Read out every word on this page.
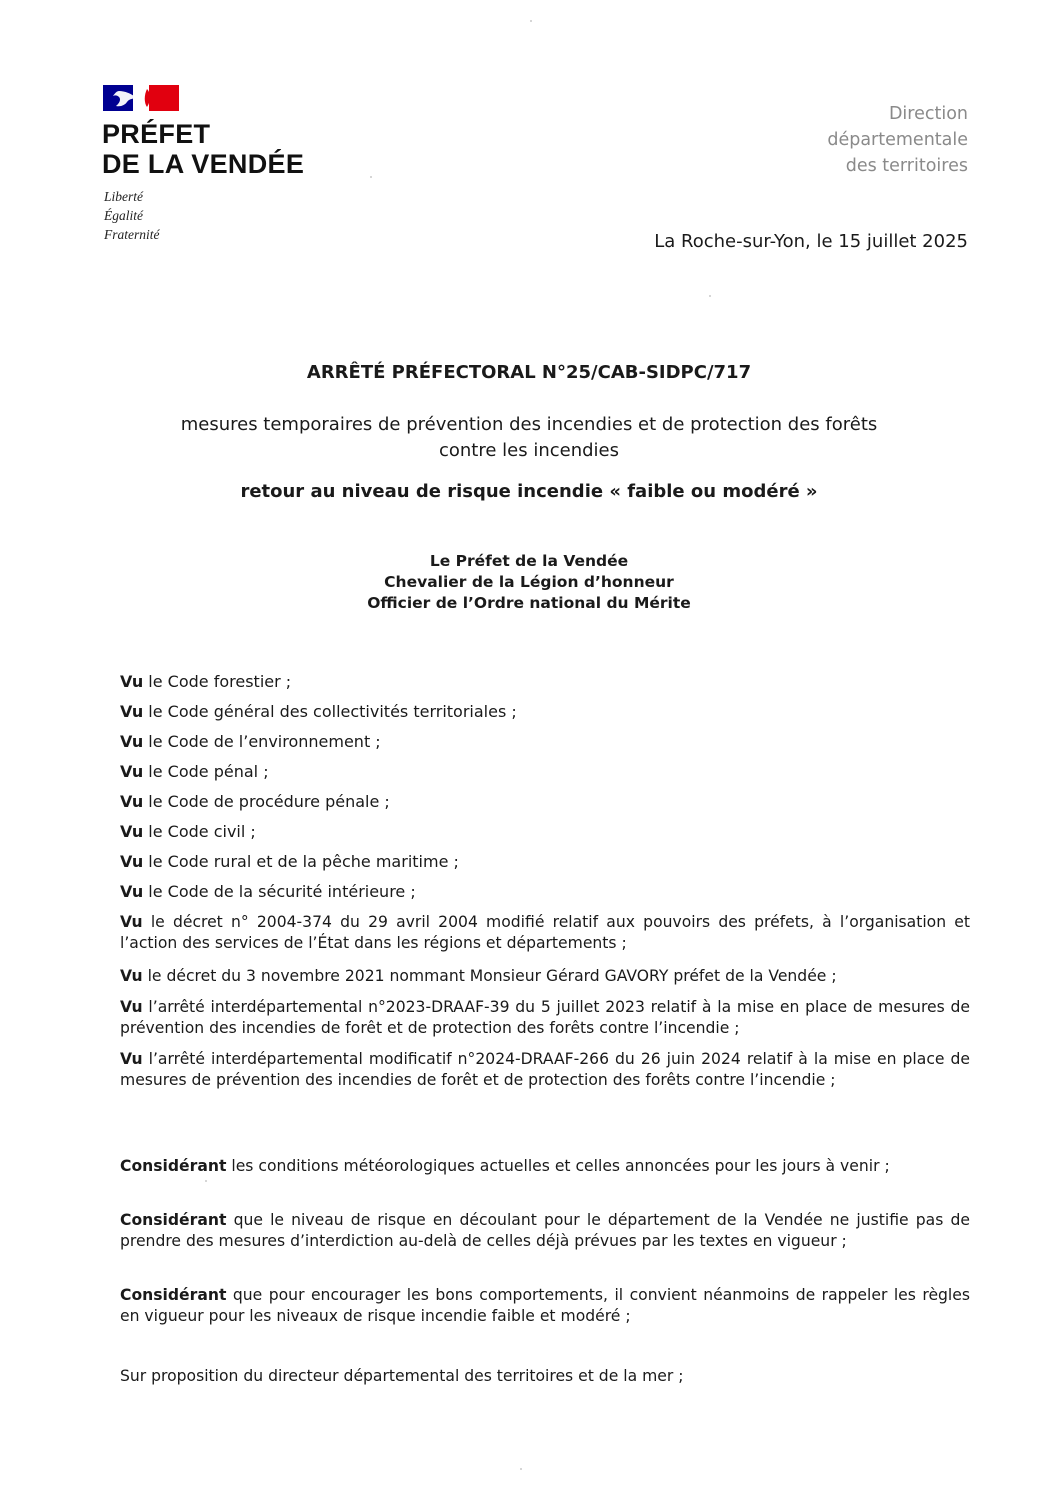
PRÉFET
DE LA VENDÉE
Liberté
Égalité
Fraternité
Direction
départementale
des territoires
La Roche-sur-Yon, le 15 juillet 2025
ARRÊTÉ PRÉFECTORAL N°25/CAB-SIDPC/717
mesures temporaires de prévention des incendies et de protection des forêts
contre les incendies
retour au niveau de risque incendie « faible ou modéré »
Le Préfet de la Vendée
Chevalier de la Légion d’honneur
Officier de l’Ordre national du Mérite
Vu le Code forestier ;
Vu le Code général des collectivités territoriales ;
Vu le Code de l’environnement ;
Vu le Code pénal ;
Vu le Code de procédure pénale ;
Vu le Code civil ;
Vu le Code rural et de la pêche maritime ;
Vu le Code de la sécurité intérieure ;
Vu le décret n° 2004-374 du 29 avril 2004 modifié relatif aux pouvoirs des préfets, à l’organisation et l’action des services de l’État dans les régions et départements ;
Vu le décret du 3 novembre 2021 nommant Monsieur Gérard GAVORY préfet de la Vendée ;
Vu l’arrêté interdépartemental n°2023-DRAAF-39 du 5 juillet 2023 relatif à la mise en place de mesures de prévention des incendies de forêt et de protection des forêts contre l’incendie ;
Vu l’arrêté interdépartemental modificatif n°2024-DRAAF-266 du 26 juin 2024 relatif à la mise en place de mesures de prévention des incendies de forêt et de protection des forêts contre l’incendie ;
Considérant les conditions météorologiques actuelles et celles annoncées pour les jours à venir ;
Considérant que le niveau de risque en découlant pour le département de la Vendée ne justifie pas de prendre des mesures d’interdiction au-delà de celles déjà prévues par les textes en vigueur ;
Considérant que pour encourager les bons comportements, il convient néanmoins de rappeler les règles en vigueur pour les niveaux de risque incendie faible et modéré ;
Sur proposition du directeur départemental des territoires et de la mer ;
